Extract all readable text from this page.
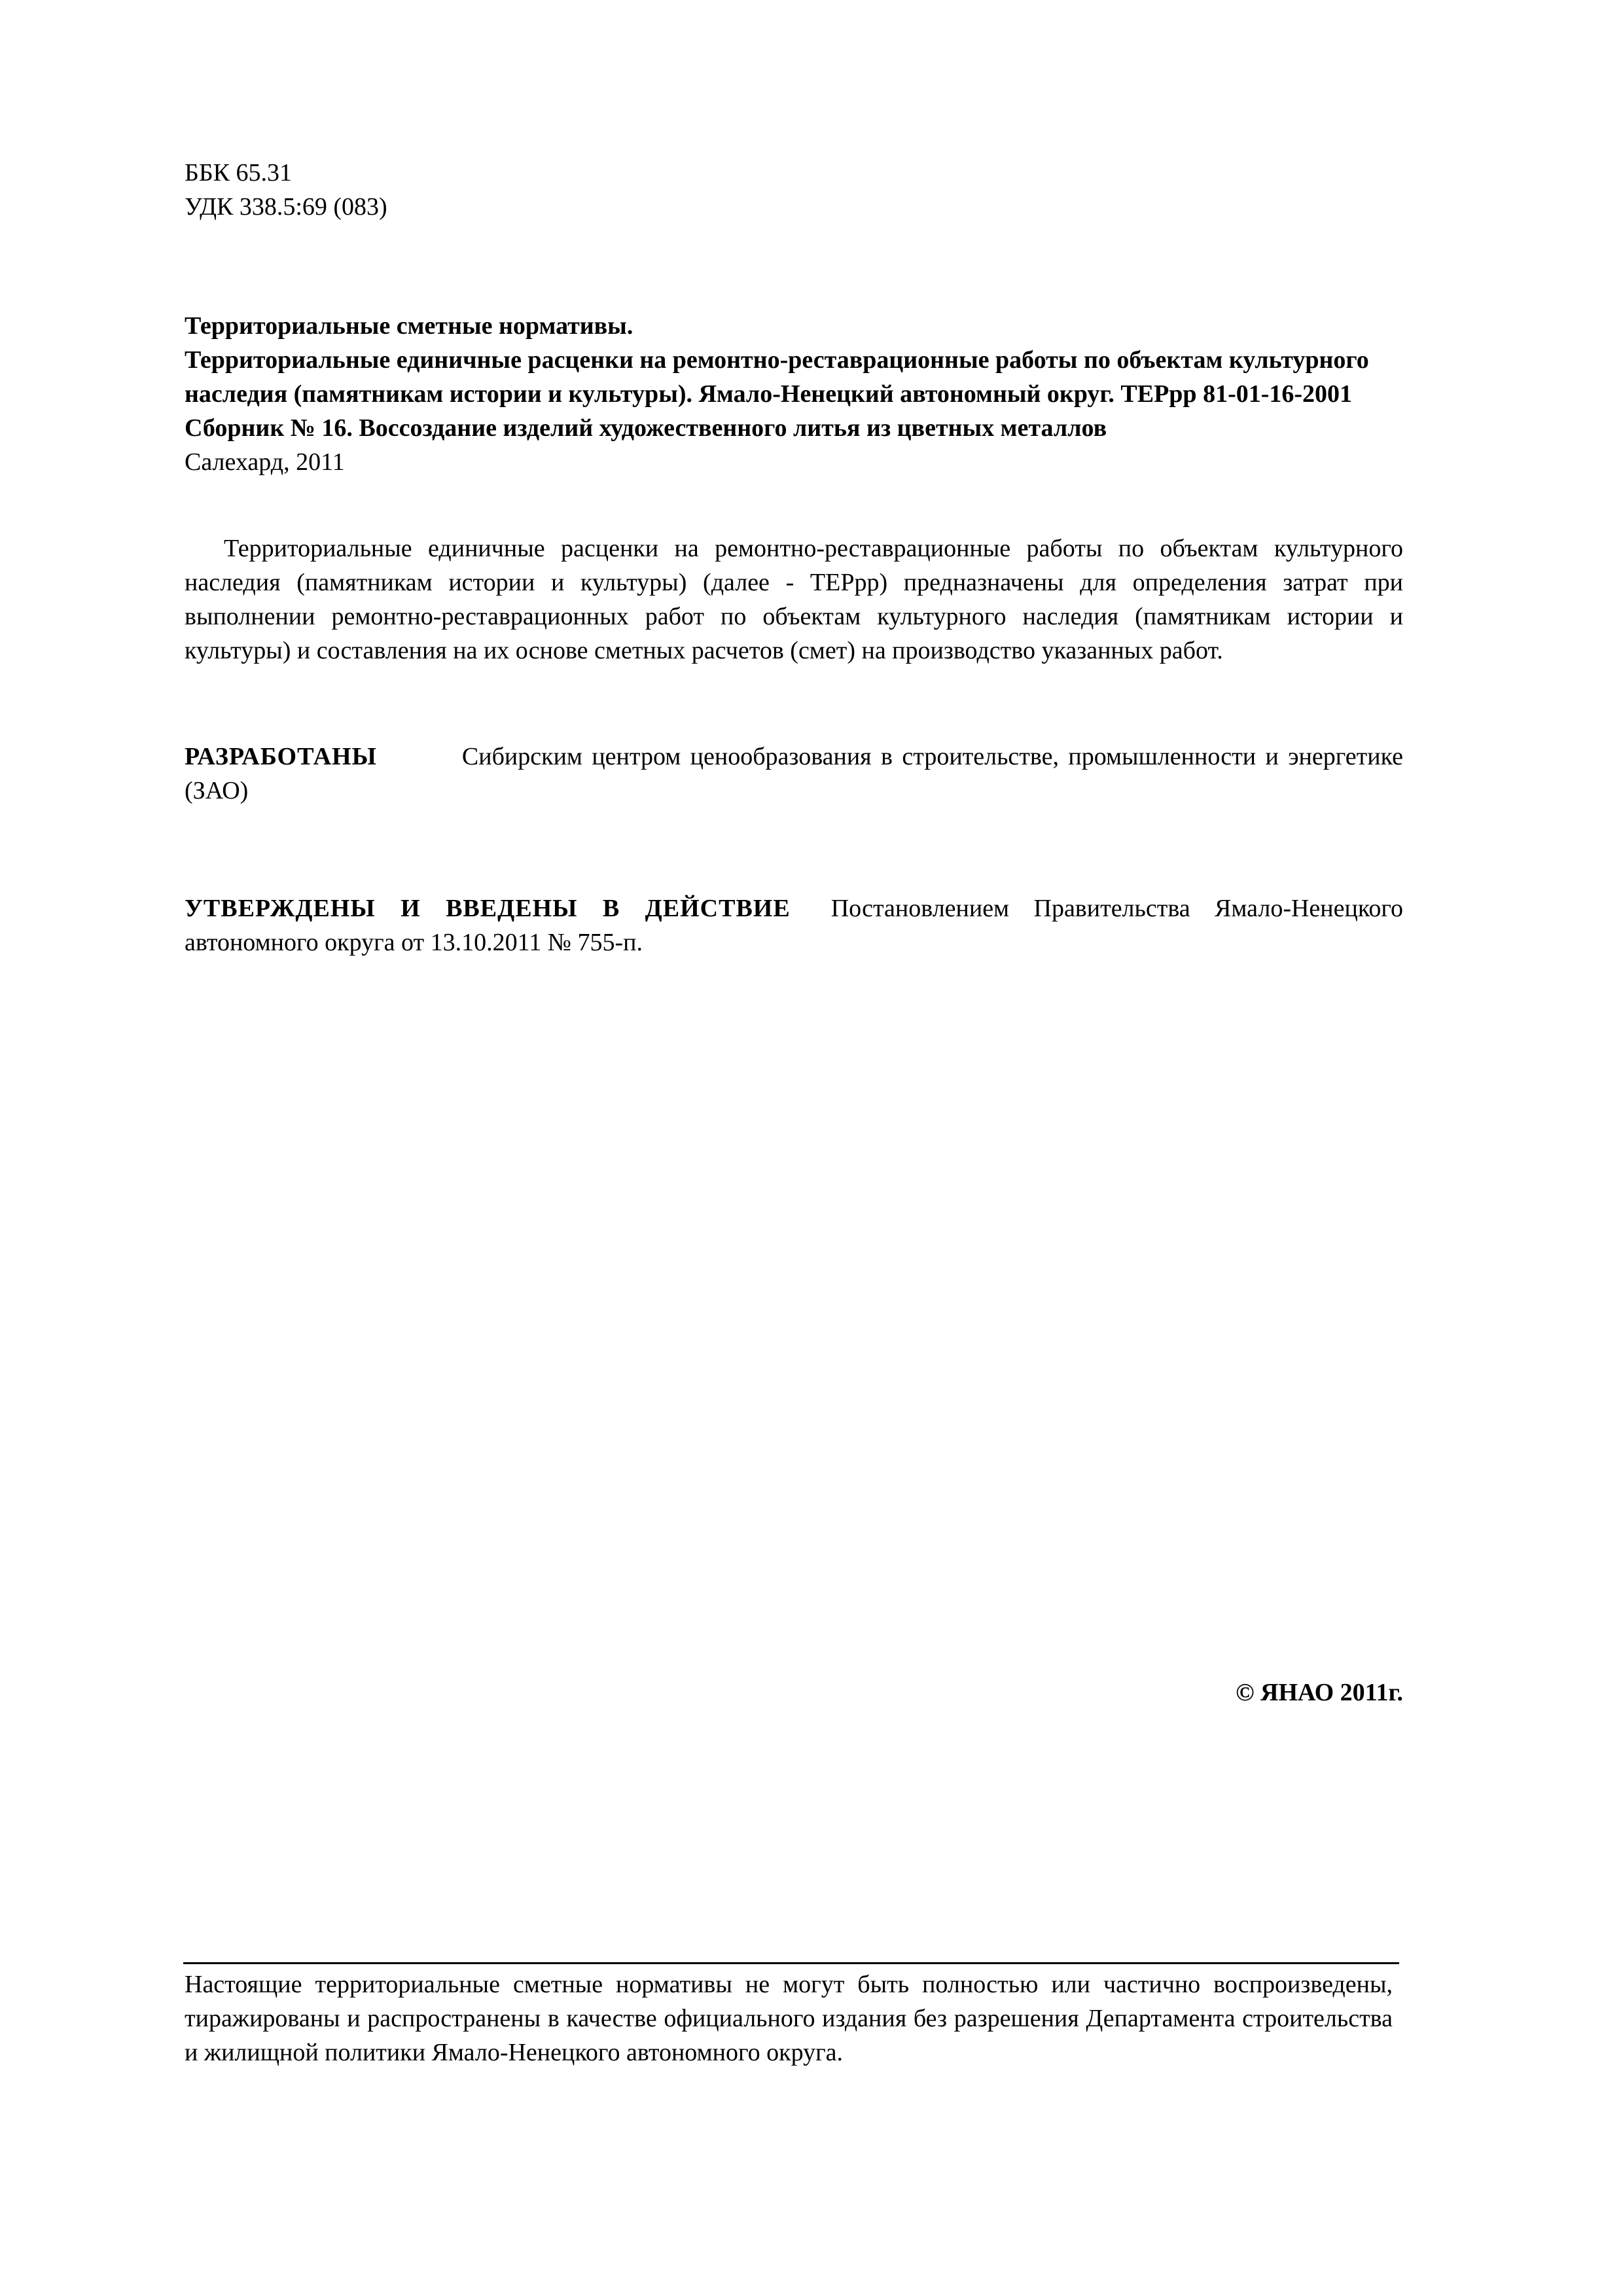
ББК 65.31
УДК 338.5:69 (083)
Территориальные сметные нормативы.
Территориальные единичные расценки на ремонтно-реставрационные работы по объектам культурного наследия (памятникам истории и культуры). Ямало-Ненецкий автономный округ. ТЕРрр 81-01-16-2001 Сборник № 16. Воссоздание изделий художественного литья из цветных металлов
Салехард, 2011
Территориальные единичные расценки на ремонтно-реставрационные работы по объектам культурного наследия (памятникам истории и культуры) (далее - ТЕРрр) предназначены для определения затрат при выполнении ремонтно-реставрационных работ по объектам культурного наследия (памятникам истории и культуры) и составления на их основе сметных расчетов (смет) на производство указанных работ.
РАЗРАБОТАНЫ	Сибирским центром ценообразования в строительстве, промышленности и энергетике (ЗАО)
УТВЕРЖДЕНЫ И ВВЕДЕНЫ В ДЕЙСТВИЕ Постановлением Правительства Ямало-Ненецкого автономного округа от 13.10.2011 № 755-п.
© ЯНАО 2011г.
Настоящие территориальные сметные нормативы не могут быть полностью или частично воспроизведены, тиражированы и распространены в качестве официального издания без разрешения Департамента строительства и жилищной политики Ямало-Ненецкого автономного округа.
